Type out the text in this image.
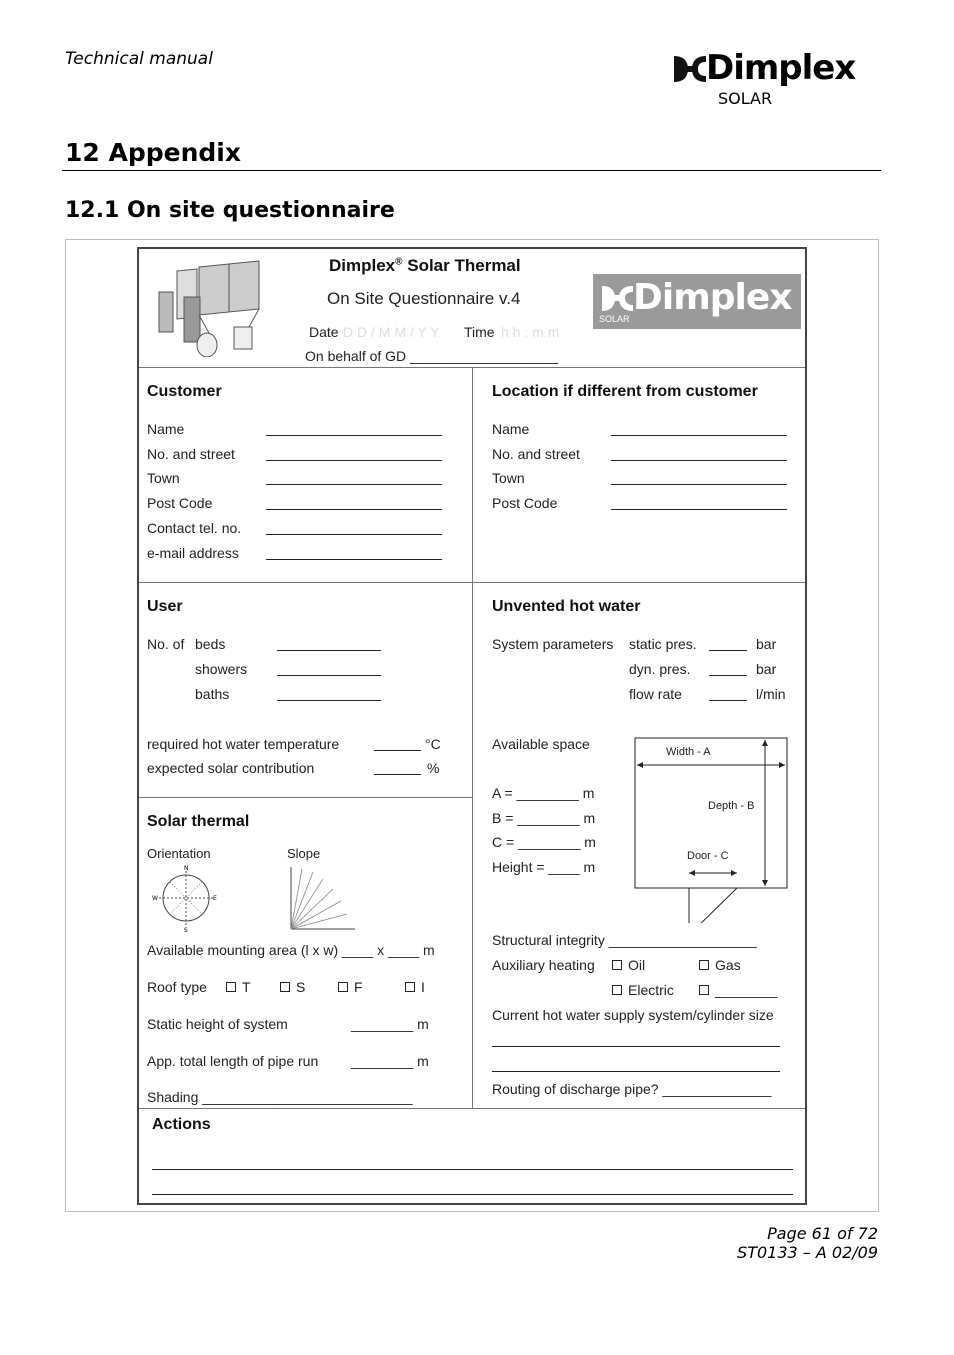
Technical manual	Dimplex
SOLAR
12 Appendix
12.1 On site questionnaire
Dimplex® Solar Thermal
On Site Questionnaire v.4
Date D D / M M / Y Y Time h h : m m
On behalf of GD ___________________
Dimplex
SOLAR
Customer
Name
No. and street
Town
Post Code
Contact tel. no.
e-mail address
Location if different from customer
Name
No. and street
Town
Post Code
User
No. of beds
showers
baths
required hot water temperature	°C
expected solar contribution	%
Unvented hot water
System parameters static pres.	bar
dyn. pres.	bar
flow rate	l/min
Available space
A = ________ m
B = ________ m
C = ________ m
Height = ____ m
Width - A
Depth - B
Door - C
Structural integrity ___________________
Auxiliary heating	Oil	Gas
Electric	________
Current hot water supply system/cylinder size
Routing of discharge pipe? ______________
Solar thermal
Orientation	Slope
N
E
W
S
Available mounting area (l x w) ____ x ____ m
Roof type	T	S	F	I
Static height of system	________ m
App. total length of pipe run ________ m
Shading ___________________________
Actions
Page 61 of 72
ST0133 – A 02/09
